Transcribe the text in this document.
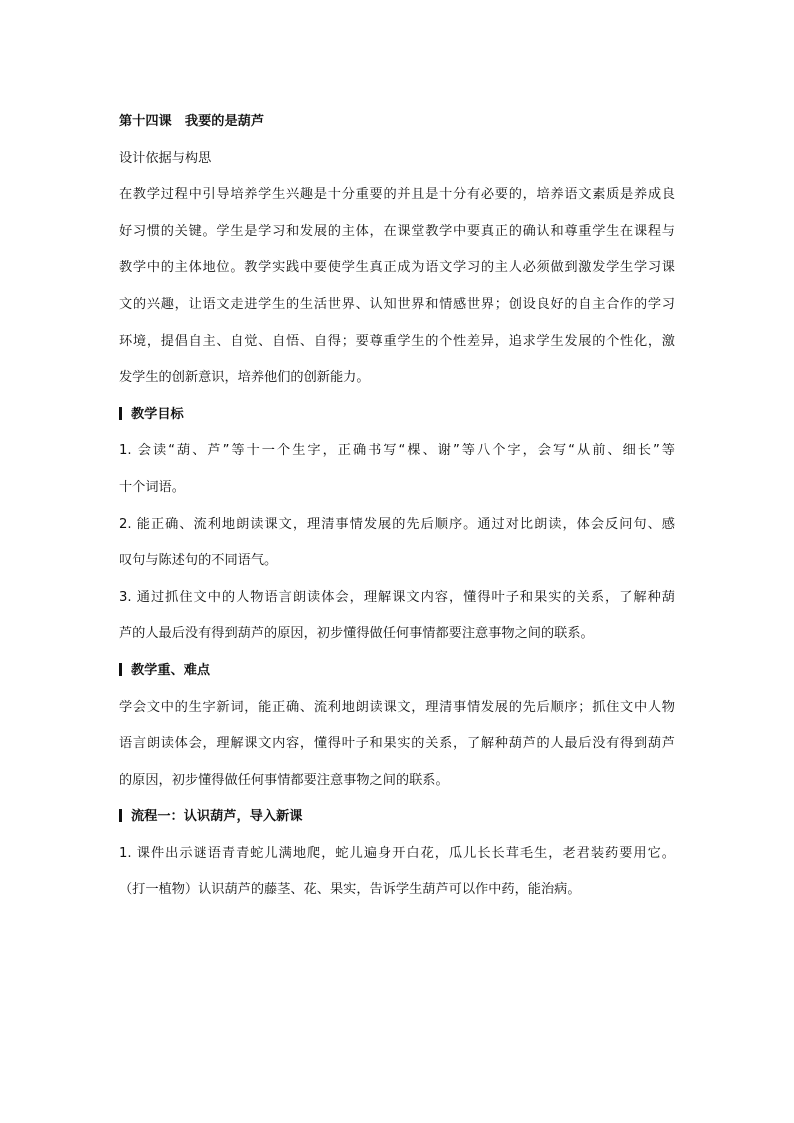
第十四课　我要的是葫芦

设计依据与构思

在教学过程中引导培养学生兴趣是十分重要的并且是十分有必要的，培养语文素质是养成良

好习惯的关键。学生是学习和发展的主体，在课堂教学中要真正的确认和尊重学生在课程与

教学中的主体地位。教学实践中要使学生真正成为语文学习的主人必须做到激发学生学习课

文的兴趣，让语文走进学生的生活世界、认知世界和情感世界；创设良好的自主合作的学习

环境，提倡自主、自觉、自悟、自得；要尊重学生的个性差异，追求学生发展的个性化，激

发学生的创新意识，培养他们的创新能力。

教学目标

1. 会读“葫、芦”等十一个生字，正确书写“棵、谢”等八个字，会写“从前、细长”等

十个词语。

2. 能正确、流利地朗读课文，理清事情发展的先后顺序。通过对比朗读，体会反问句、感

叹句与陈述句的不同语气。

3. 通过抓住文中的人物语言朗读体会，理解课文内容，懂得叶子和果实的关系，了解种葫

芦的人最后没有得到葫芦的原因，初步懂得做任何事情都要注意事物之间的联系。

教学重、难点

学会文中的生字新词，能正确、流利地朗读课文，理清事情发展的先后顺序；抓住文中人物

语言朗读体会，理解课文内容，懂得叶子和果实的关系，了解种葫芦的人最后没有得到葫芦

的原因，初步懂得做任何事情都要注意事物之间的联系。

流程一：认识葫芦，导入新课

1. 课件出示谜语青青蛇儿满地爬，蛇儿遍身开白花，瓜儿长长茸毛生，老君装药要用它。

（打一植物）认识葫芦的藤茎、花、果实，告诉学生葫芦可以作中药，能治病。
